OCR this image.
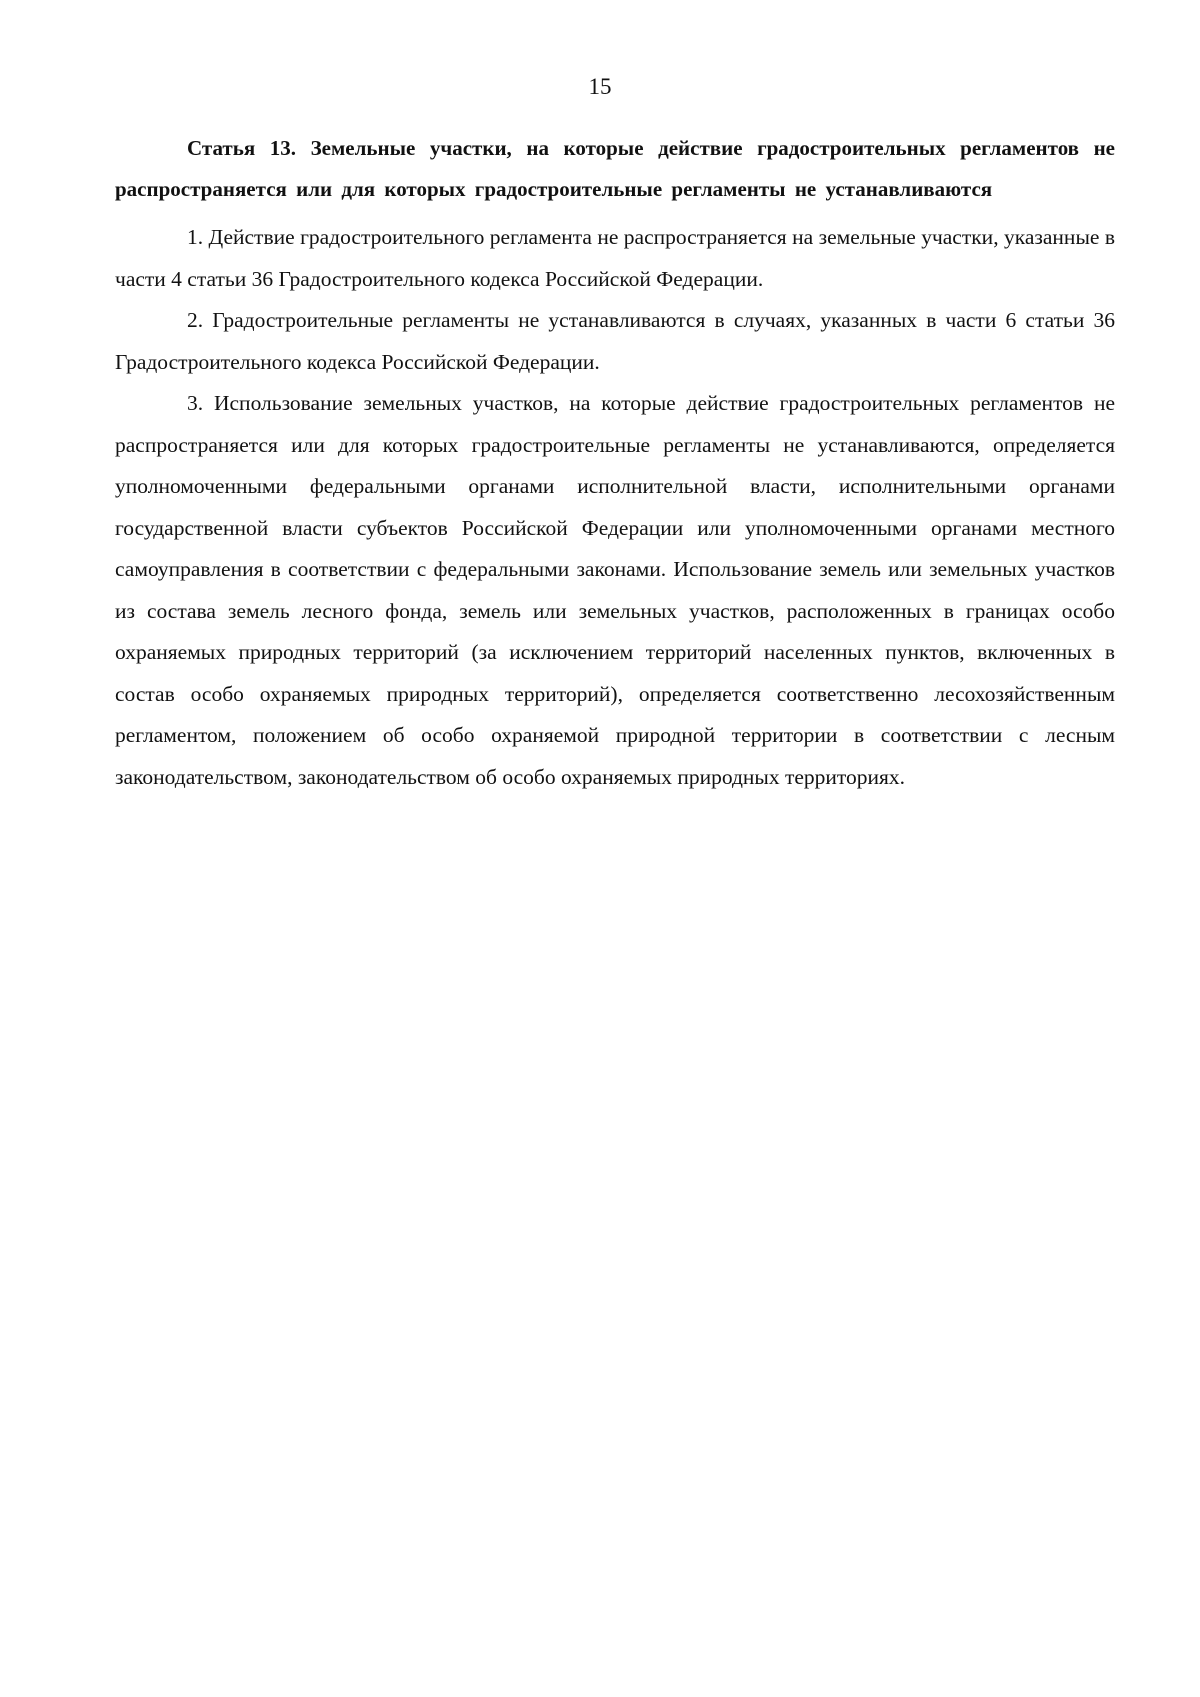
15
Статья 13. Земельные участки, на которые действие градостроительных регламентов не распространяется или для которых градостроительные регламенты не устанавливаются

1. Действие градостроительного регламента не распространяется на земельные участки, указанные в части 4 статьи 36 Градостроительного кодекса Российской Федерации.

2. Градостроительные регламенты не устанавливаются в случаях, указанных в части 6 статьи 36 Градостроительного кодекса Российской Федерации.

3. Использование земельных участков, на которые действие градостроительных регламентов не распространяется или для которых градостроительные регламенты не устанавливаются, определяется уполномоченными федеральными органами исполнительной власти, исполнительными органами государственной власти субъектов Российской Федерации или уполномоченными органами местного самоуправления в соответствии с федеральными законами. Использование земель или земельных участков из состава земель лесного фонда, земель или земельных участков, расположенных в границах особо охраняемых природных территорий (за исключением территорий населенных пунктов, включенных в состав особо охраняемых природных территорий), определяется соответственно лесохозяйственным регламентом, положением об особо охраняемой природной территории в соответствии с лесным законодательством, законодательством об особо охраняемых природных территориях.
